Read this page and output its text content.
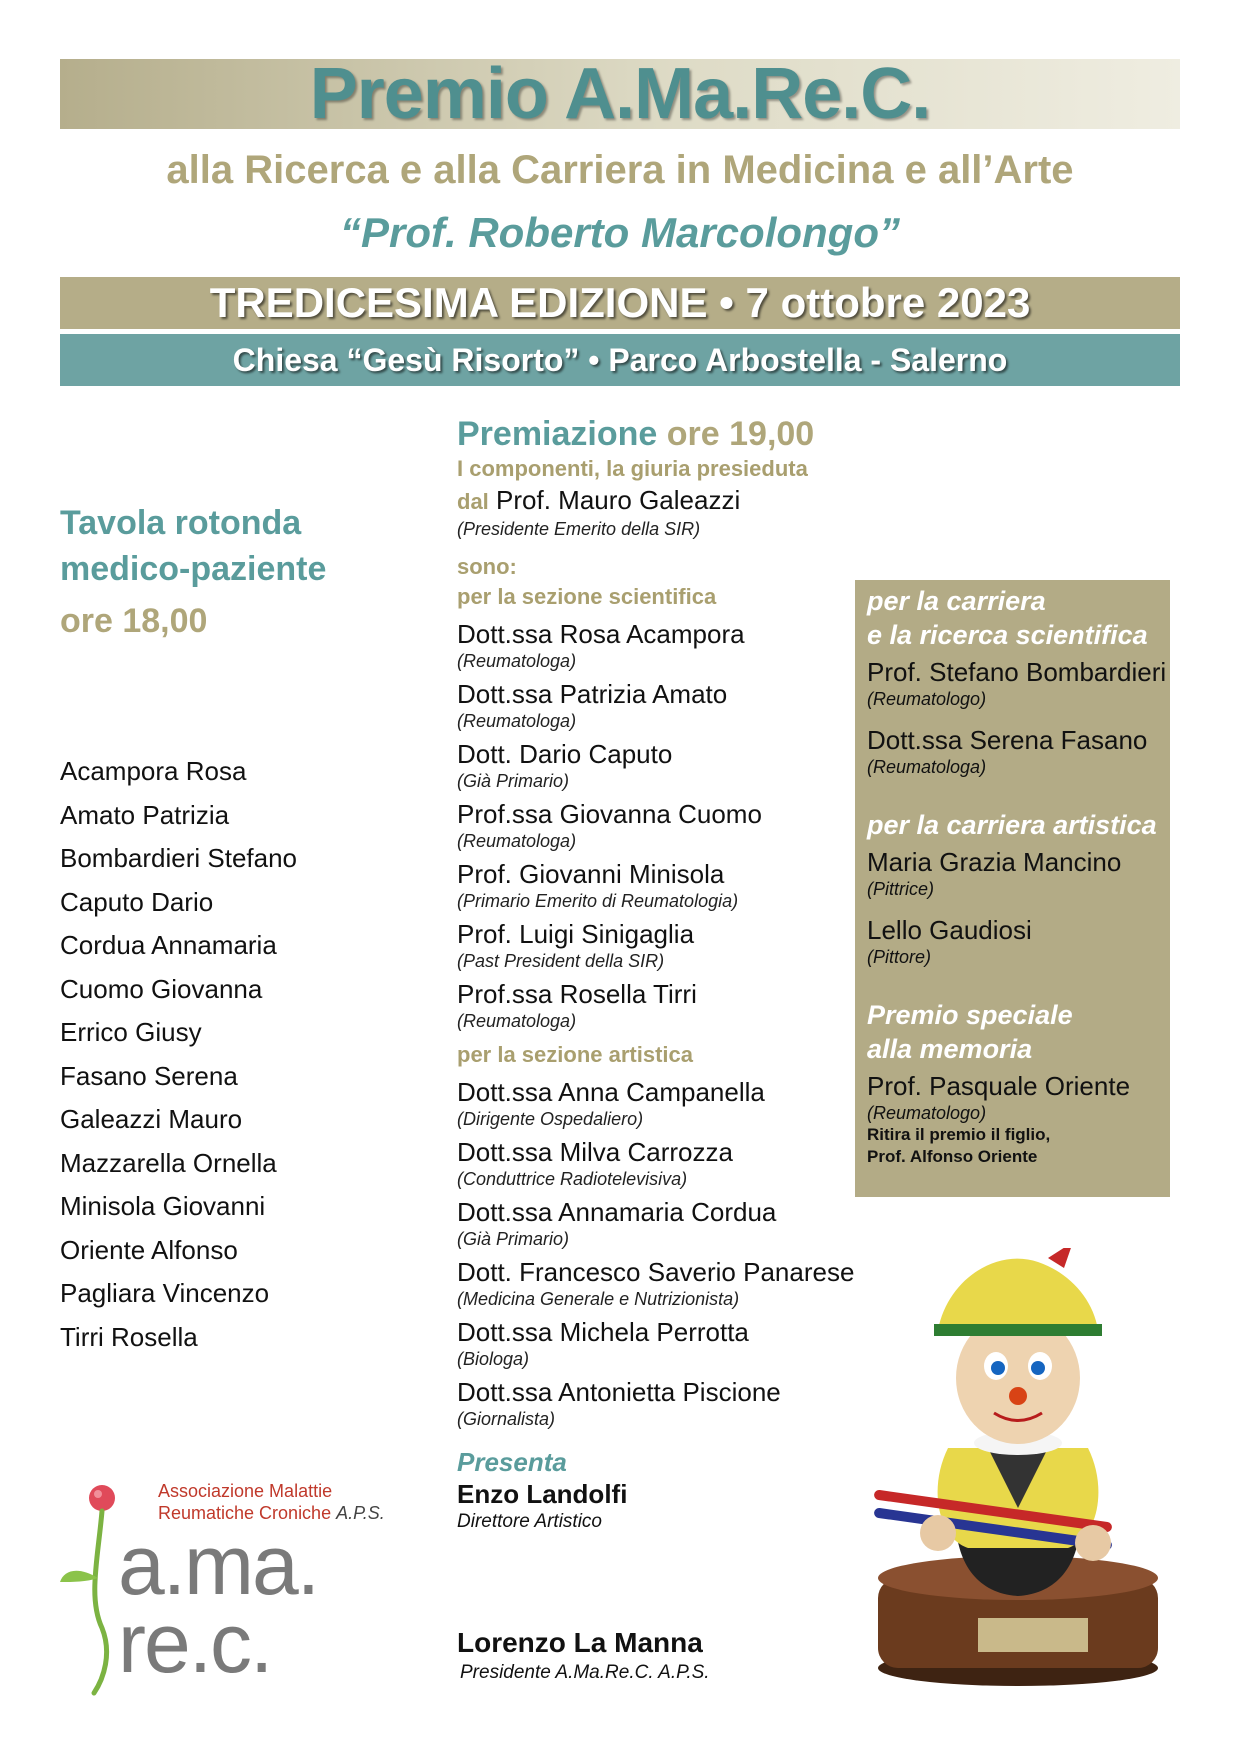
Premio A.Ma.Re.C.
alla Ricerca e alla Carriera in Medicina e all’Arte
“Prof. Roberto Marcolongo”
TREDICESIMA EDIZIONE • 7 ottobre 2023
Chiesa “Gesù Risorto” • Parco Arbostella - Salerno
Tavola rotonda medico-paziente
ore 18,00
Acampora Rosa
Amato Patrizia
Bombardieri Stefano
Caputo Dario
Cordua Annamaria
Cuomo Giovanna
Errico Giusy
Fasano Serena
Galeazzi Mauro
Mazzarella Ornella
Minisola Giovanni
Oriente Alfonso
Pagliara Vincenzo
Tirri Rosella
Premiazione ore 19,00
I componenti, la giuria presieduta
dal Prof. Mauro Galeazzi
(Presidente Emerito della SIR)
sono:
per la sezione scientifica
Dott.ssa Rosa Acampora
(Reumatologa)
Dott.ssa Patrizia Amato
(Reumatologa)
Dott. Dario Caputo
(Già Primario)
Prof.ssa Giovanna Cuomo
(Reumatologa)
Prof. Giovanni Minisola
(Primario Emerito di Reumatologia)
Prof. Luigi Sinigaglia
(Past President della SIR)
Prof.ssa Rosella Tirri
(Reumatologa)
per la sezione artistica
Dott.ssa Anna Campanella
(Dirigente Ospedaliero)
Dott.ssa Milva Carrozza
(Conduttrice Radiotelevisiva)
Dott.ssa Annamaria Cordua
(Già Primario)
Dott. Francesco Saverio Panarese
(Medicina Generale e Nutrizionista)
Dott.ssa Michela Perrotta
(Biologa)
Dott.ssa Antonietta Piscione
(Giornalista)
Presenta
Enzo Landolfi
Direttore Artistico
Lorenzo La Manna
Presidente A.Ma.Re.C. A.P.S.
per la carriera
e la ricerca scientifica
Prof. Stefano Bombardieri
(Reumatologo)
Dott.ssa Serena Fasano
(Reumatologa)
per la carriera artistica
Maria Grazia Mancino
(Pittrice)
Lello Gaudiosi
(Pittore)
Premio speciale
alla memoria
Prof. Pasquale Oriente
(Reumatologo)
Ritira il premio il figlio,
Prof. Alfonso Oriente
Associazione Malattie
Reumatiche Croniche A.P.S.
a.ma.
re.c.
